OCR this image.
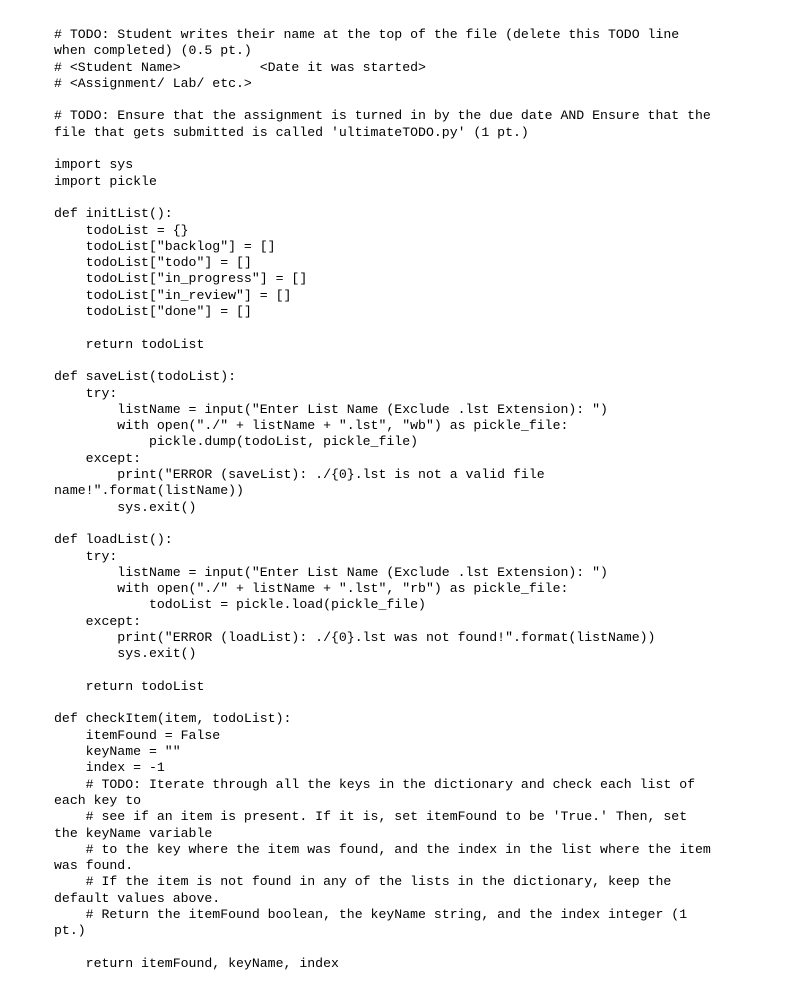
# TODO: Student writes their name at the top of the file (delete this TODO line
when completed) (0.5 pt.)
# <Student Name>          <Date it was started>
# <Assignment/ Lab/ etc.>
# TODO: Ensure that the assignment is turned in by the due date AND Ensure that the
file that gets submitted is called 'ultimateTODO.py' (1 pt.)
import sys
import pickle
def initList():
todoList = {}
todoList["backlog"] = []
todoList["todo"] = []
todoList["in_progress"] = []
todoList["in_review"] = []
todoList["done"] = []
return todoList
def saveList(todoList):
try:
listName = input("Enter List Name (Exclude .lst Extension): ")
with open("./" + listName + ".lst", "wb") as pickle_file:
pickle.dump(todoList, pickle_file)
except:
print("ERROR (saveList): ./{0}.lst is not a valid file
name!".format(listName))
sys.exit()
def loadList():
try:
listName = input("Enter List Name (Exclude .lst Extension): ")
with open("./" + listName + ".lst", "rb") as pickle_file:
todoList = pickle.load(pickle_file)
except:
print("ERROR (loadList): ./{0}.lst was not found!".format(listName))
sys.exit()
return todoList
def checkItem(item, todoList):
itemFound = False
keyName = ""
index = -1
# TODO: Iterate through all the keys in the dictionary and check each list of
each key to
# see if an item is present. If it is, set itemFound to be 'True.' Then, set
the keyName variable
# to the key where the item was found, and the index in the list where the item
was found.
# If the item is not found in any of the lists in the dictionary, keep the
default values above.
# Return the itemFound boolean, the keyName string, and the index integer (1
pt.)
return itemFound, keyName, index
